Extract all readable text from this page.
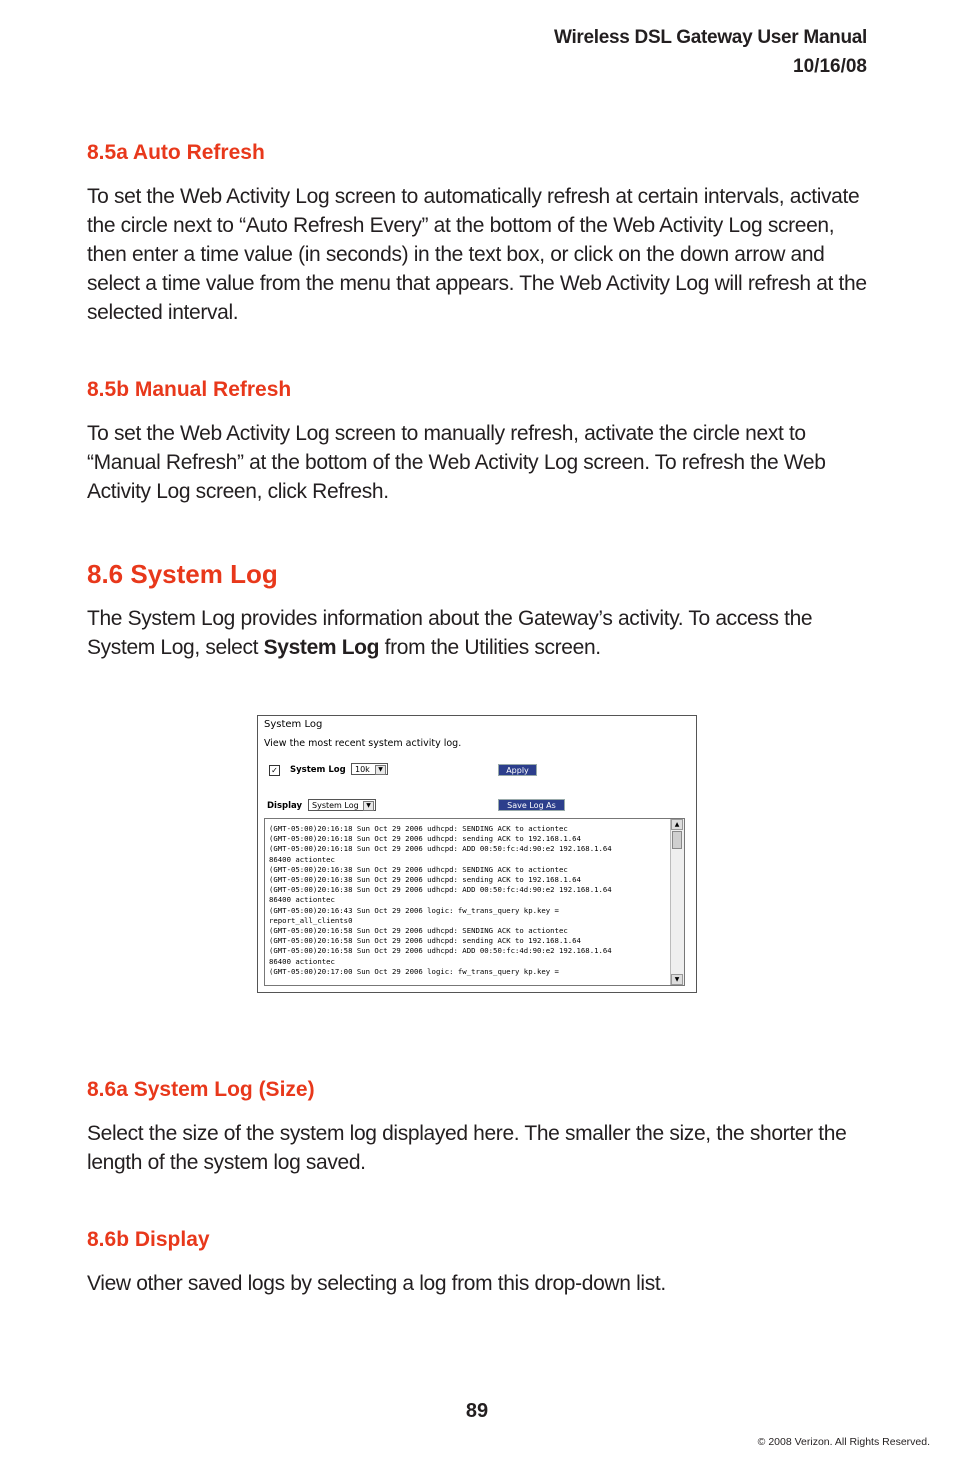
Wireless DSL Gateway User Manual
10/16/08
8.5a Auto Refresh
To set the Web Activity Log screen to automatically refresh at certain intervals, activate the circle next to “Auto Refresh Every” at the bottom of the Web Activity Log screen, then enter a time value (in seconds) in the text box, or click on the down arrow and select a time value from the menu that appears. The Web Activity Log will refresh at the selected interval.
8.5b Manual Refresh
To set the Web Activity Log screen to manually refresh, activate the circle next to “Manual Refresh” at the bottom of the Web Activity Log screen. To refresh the Web Activity Log screen, click Refresh.
8.6 System Log
The System Log provides information about the Gateway’s activity. To access the System Log, select System Log from the Utilities screen.
System Log
View the most recent system activity log.
✓ System Log	10k	▼	Apply
Display	System Log	▼	Save Log As
(GMT-05:00)20:16:18 Sun Oct 29 2006 udhcpd: SENDING ACK to actiontec
(GMT-05:00)20:16:18 Sun Oct 29 2006 udhcpd: sending ACK to 192.168.1.64
(GMT-05:00)20:16:18 Sun Oct 29 2006 udhcpd: ADD 00:50:fc:4d:90:e2 192.168.1.64
86400 actiontec
(GMT-05:00)20:16:38 Sun Oct 29 2006 udhcpd: SENDING ACK to actiontec
(GMT-05:00)20:16:38 Sun Oct 29 2006 udhcpd: sending ACK to 192.168.1.64
(GMT-05:00)20:16:38 Sun Oct 29 2006 udhcpd: ADD 00:50:fc:4d:90:e2 192.168.1.64
86400 actiontec
(GMT-05:00)20:16:43 Sun Oct 29 2006 logic: fw_trans_query kp.key =
report_all_clients0
(GMT-05:00)20:16:58 Sun Oct 29 2006 udhcpd: SENDING ACK to actiontec
(GMT-05:00)20:16:58 Sun Oct 29 2006 udhcpd: sending ACK to 192.168.1.64
(GMT-05:00)20:16:58 Sun Oct 29 2006 udhcpd: ADD 00:50:fc:4d:90:e2 192.168.1.64
86400 actiontec
(GMT-05:00)20:17:00 Sun Oct 29 2006 logic: fw_trans_query kp.key =
▲
▼
8.6a System Log (Size)
Select the size of the system log displayed here. The smaller the size, the shorter the length of the system log saved.
8.6b Display
View other saved logs by selecting a log from this drop-down list.
89
© 2008 Verizon. All Rights Reserved.
